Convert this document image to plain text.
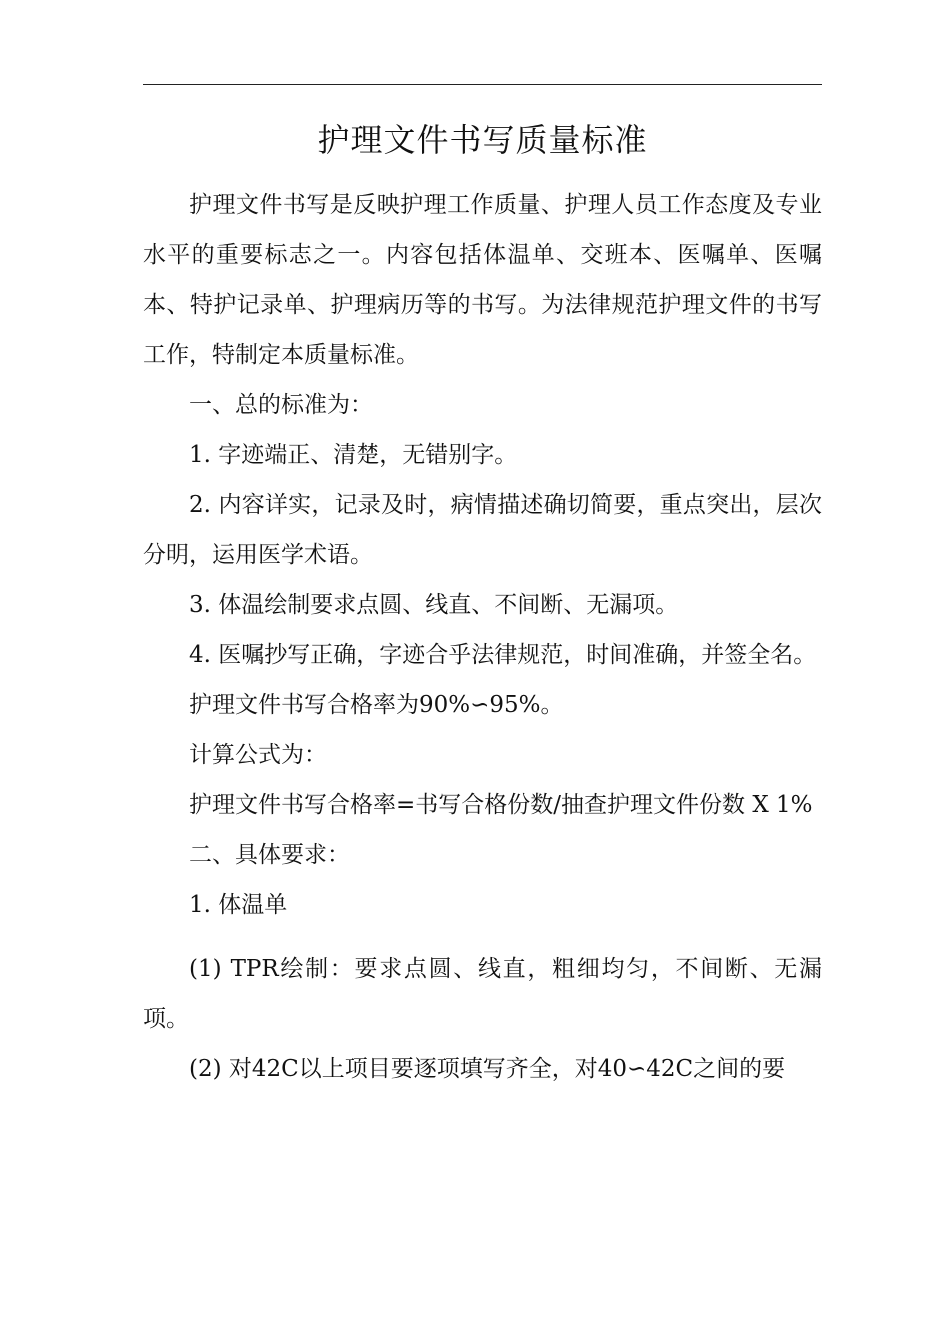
护理文件书写质量标准

护理文件书写是反映护理工作质量、护理人员工作态度及专业水平的重要标志之一。内容包括体温单、交班本、医嘱单、医嘱本、特护记录单、护理病历等的书写。为法律规范护理文件的书写工作，特制定本质量标准。

一、总的标准为：

1. 字迹端正、清楚，无错别字。

2. 内容详实，记录及时，病情描述确切简要，重点突出，层次分明，运用医学术语。

3. 体温绘制要求点圆、线直、不间断、无漏项。

4. 医嘱抄写正确，字迹合乎法律规范，时间准确，并签全名。

护理文件书写合格率为90%∽95%。

计算公式为：

护理文件书写合格率=书写合格份数/抽查护理文件份数 X 1%

二、具体要求：

1. 体温单

(1) TPR绘制：要求点圆、线直，粗细均匀，不间断、无漏项。

(2) 对42C以上项目要逐项填写齐全，对40∽42C之间的要
